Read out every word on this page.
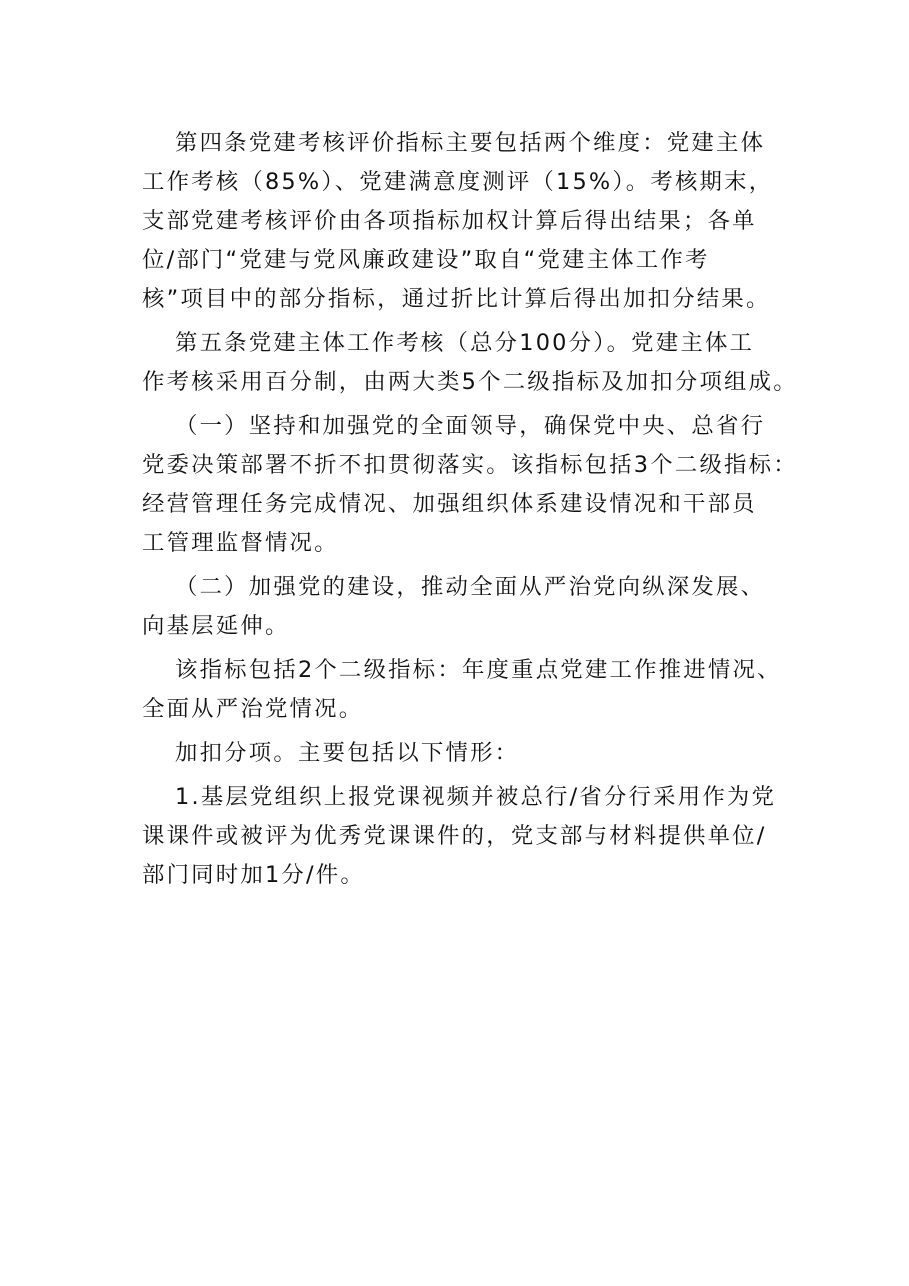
第四条党建考核评价指标主要包括两个维度：党建主体
工作考核（85%）、党建满意度测评（15%）。考核期末，
支部党建考核评价由各项指标加权计算后得出结果；各单
位/部门“党建与党风廉政建设”取自“党建主体工作考
核”项目中的部分指标，通过折比计算后得出加扣分结果。

第五条党建主体工作考核（总分100分）。党建主体工
作考核采用百分制，由两大类5个二级指标及加扣分项组成。

（一）坚持和加强党的全面领导，确保党中央、总省行
党委决策部署不折不扣贯彻落实。该指标包括3个二级指标：
经营管理任务完成情况、加强组织体系建设情况和干部员
工管理监督情况。

（二）加强党的建设，推动全面从严治党向纵深发展、
向基层延伸。

该指标包括2个二级指标：年度重点党建工作推进情况、
全面从严治党情况。

加扣分项。主要包括以下情形：

1.基层党组织上报党课视频并被总行/省分行采用作为党
课课件或被评为优秀党课课件的，党支部与材料提供单位/
部门同时加1分/件。
